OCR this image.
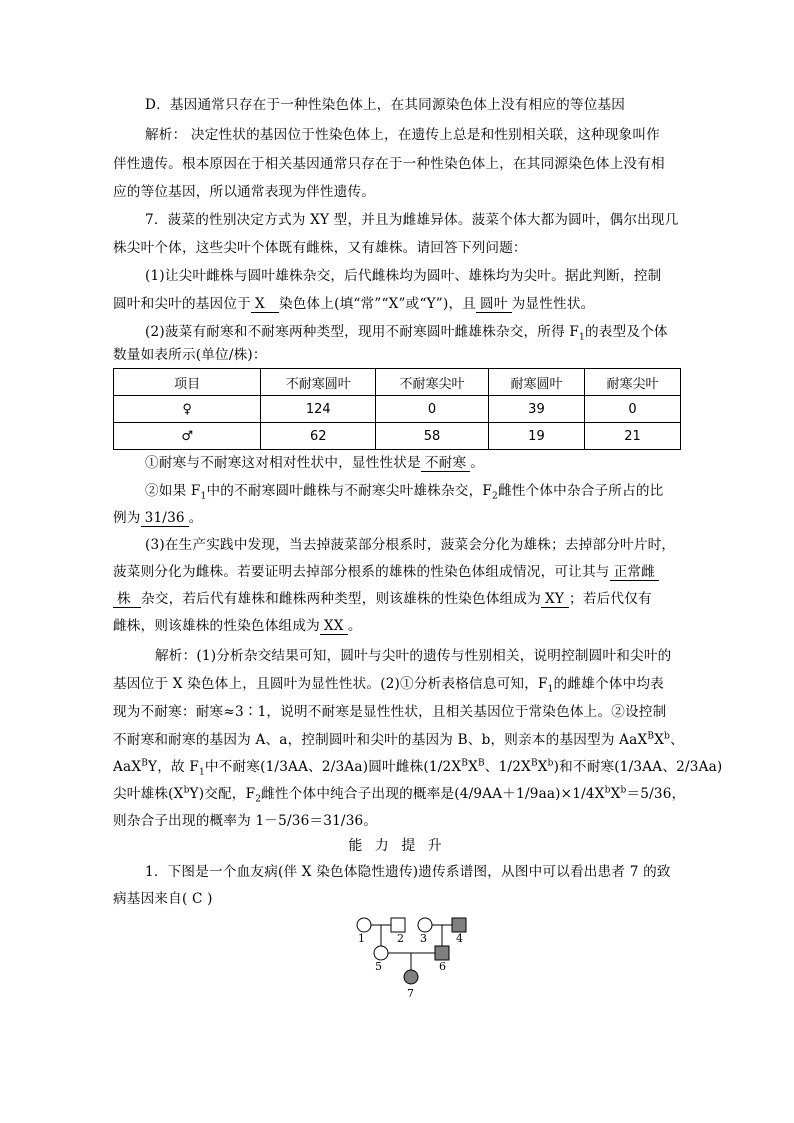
D．基因通常只存在于一种性染色体上，在其同源染色体上没有相应的等位基因
解析： 决定性状的基因位于性染色体上，在遗传上总是和性别相关联，这种现象叫作
伴性遗传。根本原因在于相关基因通常只存在于一种性染色体上，在其同源染色体上没有相
应的等位基因，所以通常表现为伴性遗传。
7．菠菜的性别决定方式为 XY 型，并且为雌雄异体。菠菜个体大都为圆叶，偶尔出现几
株尖叶个体，这些尖叶个体既有雌株，又有雄株。请回答下列问题：
(1)让尖叶雌株与圆叶雄株杂交，后代雌株均为圆叶、雄株均为尖叶。据此判断，控制
圆叶和尖叶的基因位于 X 染色体上(填“常”“X”或“Y”)，且 圆叶 为显性性状。
(2)菠菜有耐寒和不耐寒两种类型，现用不耐寒圆叶雌雄株杂交，所得 $F_1$的表型及个体
数量如表所示(单位/株)：
项目	不耐寒圆叶	不耐寒尖叶	耐寒圆叶	耐寒尖叶
♀	124	0	39	0
♂	62	58	19	21
①耐寒与不耐寒这对相对性状中，显性性状是 不耐寒 。
②如果 $F_1$中的不耐寒圆叶雌株与不耐寒尖叶雄株杂交，$F_2$雌性个体中杂合子所占的比
例为 31/36 。
(3)在生产实践中发现，当去掉菠菜部分根系时，菠菜会分化为雄株；去掉部分叶片时，
菠菜则分化为雌株。若要证明去掉部分根系的雄株的性染色体组成情况，可让其与 正常雌
株 杂交，若后代有雄株和雌株两种类型，则该雄株的性染色体组成为 XY ；若后代仅有
雌株，则该雄株的性染色体组成为 XX 。
解析：(1)分析杂交结果可知，圆叶与尖叶的遗传与性别相关，说明控制圆叶和尖叶的
基因位于 X 染色体上，且圆叶为显性性状。(2)①分析表格信息可知，$F_1$的雌雄个体中均表
现为不耐寒：耐寒≈3∶1，说明不耐寒是显性性状，且相关基因位于常染色体上。②设控制
不耐寒和耐寒的基因为 A、a，控制圆叶和尖叶的基因为 B、b，则亲本的基因型为 $AaX^BX^b$、
AaX$^B$Y，故 $F_1$中不耐寒(1/3AA、2/3Aa)圆叶雌株($1/2X^BX^B$、$1/2X^BX^b$)和不耐寒(1/3AA、2/3Aa)
尖叶雄株$(X^bY)$交配，$F_2$雌性个体中纯合子出现的概率是$(4/9AA+1/9aa)\times 1/4X^bX^b=5/36$，
则杂合子出现的概率为 1－5/36＝31/36。
能 力 提 升
1．下图是一个血友病(伴 X 染色体隐性遗传)遗传系谱图，从图中可以看出患者 7 的致
病基因来自( C )
1	2 3	4
5	6
7
